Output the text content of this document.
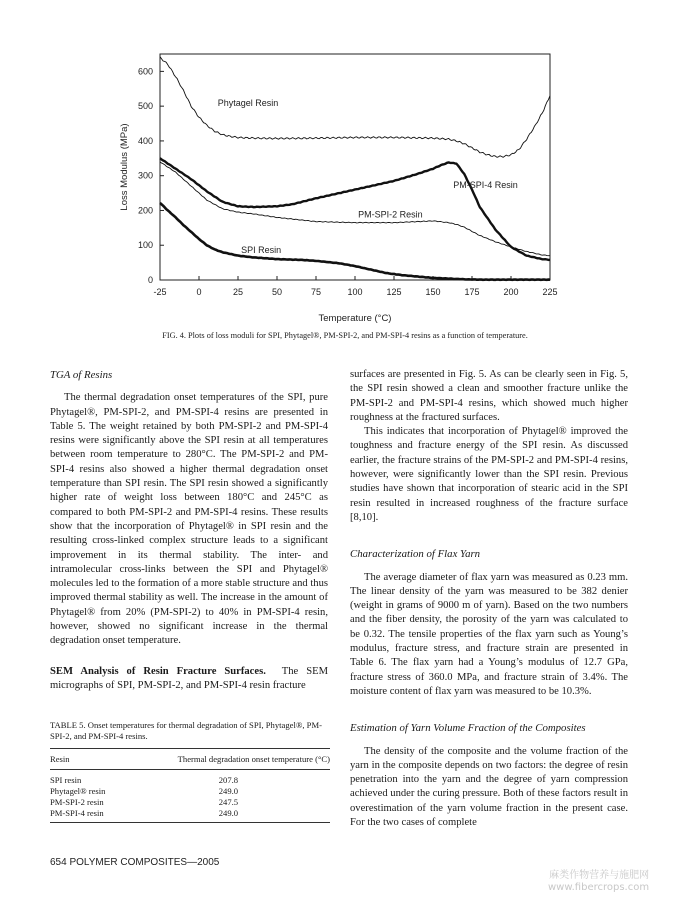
-25	0	25	50	75	100	125	150	175	200	225
0
100
200
300
400
500
600
Temperature (°C)
Loss Modulus (MPa)
Phytagel Resin
PM-SPI-4 Resin
PM-SPI-2 Resin
SPI Resin
FIG. 4. Plots of loss moduli for SPI, Phytagel®, PM-SPI-2, and PM-SPI-4 resins as a function of temperature.
TGA of Resins

The thermal degradation onset temperatures of the SPI, pure Phytagel®, PM-SPI-2, and PM-SPI-4 resins are presented in Table 5. The weight retained by both PM-SPI-2 and PM-SPI-4 resins were significantly above the SPI resin at all temperatures between room temperature to 280°C. The PM-SPI-2 and PM-SPI-4 resins also showed a higher thermal degradation onset temperature than SPI resin. The SPI resin showed a significantly higher rate of weight loss between 180°C and 245°C as compared to both PM-SPI-2 and PM-SPI-4 resins. These results show that the incorporation of Phytagel® in SPI resin and the resulting cross-linked complex structure leads to a significant improvement in its thermal stability. The inter- and intramolecular cross-links between the SPI and Phytagel® molecules led to the formation of a more stable structure and thus improved thermal stability as well. The increase in the amount of Phytagel® from 20% (PM-SPI-2) to 40% in PM-SPI-4 resin, however, showed no significant increase in the thermal degradation onset temperature.

SEM Analysis of Resin Fracture Surfaces. The SEM micrographs of SPI, PM-SPI-2, and PM-SPI-4 resin fracture

TABLE 5. Onset temperatures for thermal degradation of SPI, Phytagel®, PM-SPI-2, and PM-SPI-4 resins.
Resin	Thermal degradation onset temperature (°C)
SPI resin	207.8
Phytagel® resin	249.0
PM-SPI-2 resin	247.5
PM-SPI-4 resin	249.0

surfaces are presented in Fig. 5. As can be clearly seen in Fig. 5, the SPI resin showed a clean and smoother fracture unlike the PM-SPI-2 and PM-SPI-4 resins, which showed much higher roughness at the fractured surfaces.

This indicates that incorporation of Phytagel® improved the toughness and fracture energy of the SPI resin. As discussed earlier, the fracture strains of the PM-SPI-2 and PM-SPI-4 resins, however, were significantly lower than the SPI resin. Previous studies have shown that incorporation of stearic acid in the SPI resin resulted in increased roughness of the fracture surface [8,10].

Characterization of Flax Yarn

The average diameter of flax yarn was measured as 0.23 mm. The linear density of the yarn was measured to be 382 denier (weight in grams of 9000 m of yarn). Based on the two numbers and the fiber density, the porosity of the yarn was calculated to be 0.32. The tensile properties of the flax yarn such as Young’s modulus, fracture stress, and fracture strain are presented in Table 6. The flax yarn had a Young’s modulus of 12.7 GPa, fracture stress of 360.0 MPa, and fracture strain of 3.4%. The moisture content of flax yarn was measured to be 10.3%.

Estimation of Yarn Volume Fraction of the Composites

The density of the composite and the volume fraction of the yarn in the composite depends on two factors: the degree of resin penetration into the yarn and the degree of yarn compression achieved under the curing pressure. Both of these factors result in overestimation of the yarn volume fraction in the present case. For the two cases of complete

654 POLYMER COMPOSITES—2005
麻类作物营养与施肥网
www.fibercrops.com
